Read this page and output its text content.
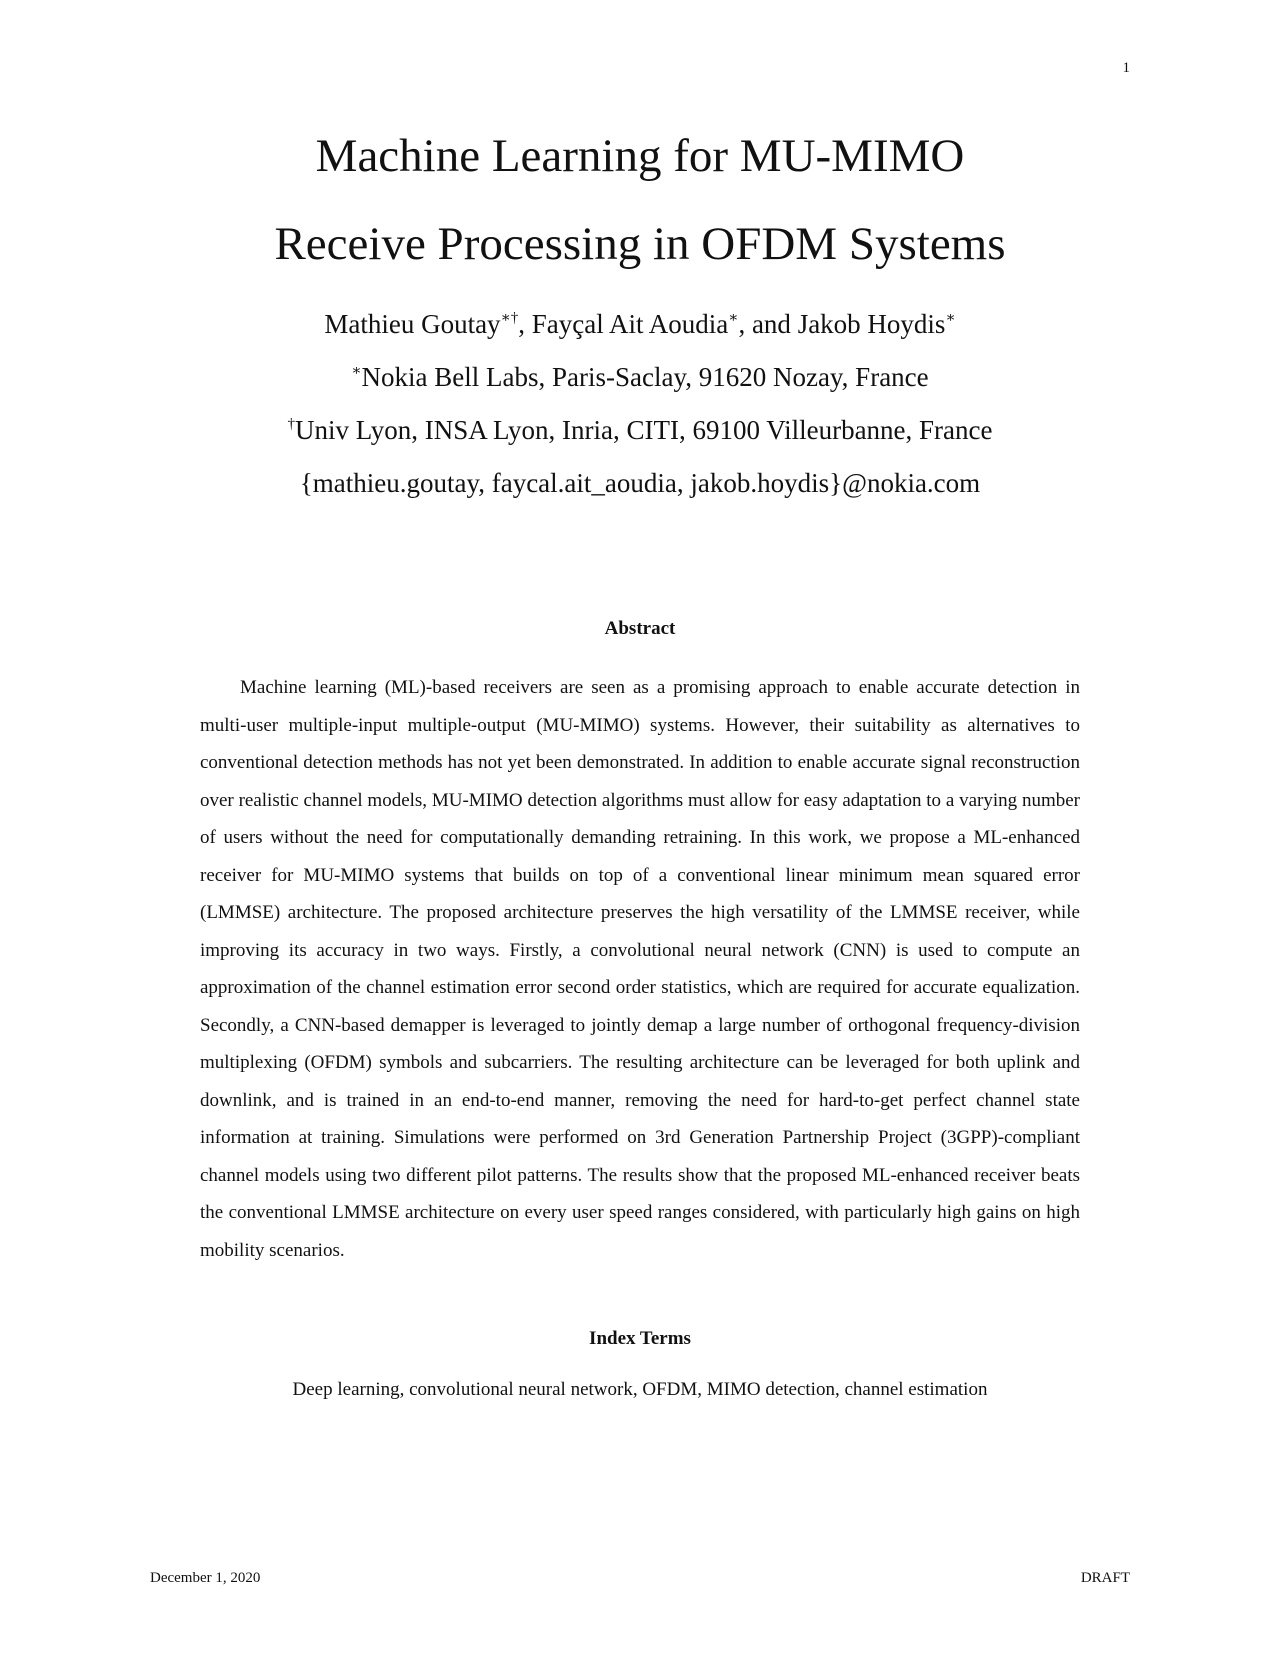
1
Machine Learning for MU-MIMO
Receive Processing in OFDM Systems
Mathieu Goutay∗†, Fayçal Ait Aoudia∗, and Jakob Hoydis∗
∗Nokia Bell Labs, Paris-Saclay, 91620 Nozay, France
†Univ Lyon, INSA Lyon, Inria, CITI, 69100 Villeurbanne, France
{mathieu.goutay, faycal.ait_aoudia, jakob.hoydis}@nokia.com
Abstract

Machine learning (ML)-based receivers are seen as a promising approach to enable accurate detection in multi-user multiple-input multiple-output (MU-MIMO) systems. However, their suitability as alternatives to conventional detection methods has not yet been demonstrated. In addition to enable accurate signal reconstruction over realistic channel models, MU-MIMO detection algorithms must allow for easy adaptation to a varying number of users without the need for computationally demanding retraining. In this work, we propose a ML-enhanced receiver for MU-MIMO systems that builds on top of a conventional linear minimum mean squared error (LMMSE) architecture. The proposed architecture preserves the high versatility of the LMMSE receiver, while improving its accuracy in two ways. Firstly, a convolutional neural network (CNN) is used to compute an approximation of the channel estimation error second order statistics, which are required for accurate equalization. Secondly, a CNN-based demapper is leveraged to jointly demap a large number of orthogonal frequency-division multiplexing (OFDM) symbols and subcarriers. The resulting architecture can be leveraged for both uplink and downlink, and is trained in an end-to-end manner, removing the need for hard-to-get perfect channel state information at training. Simulations were performed on 3rd Generation Partnership Project (3GPP)-compliant channel models using two different pilot patterns. The results show that the proposed ML-enhanced receiver beats the conventional LMMSE architecture on every user speed ranges considered, with particularly high gains on high mobility scenarios.

Index Terms
Deep learning, convolutional neural network, OFDM, MIMO detection, channel estimation
December 1, 2020	DRAFT
